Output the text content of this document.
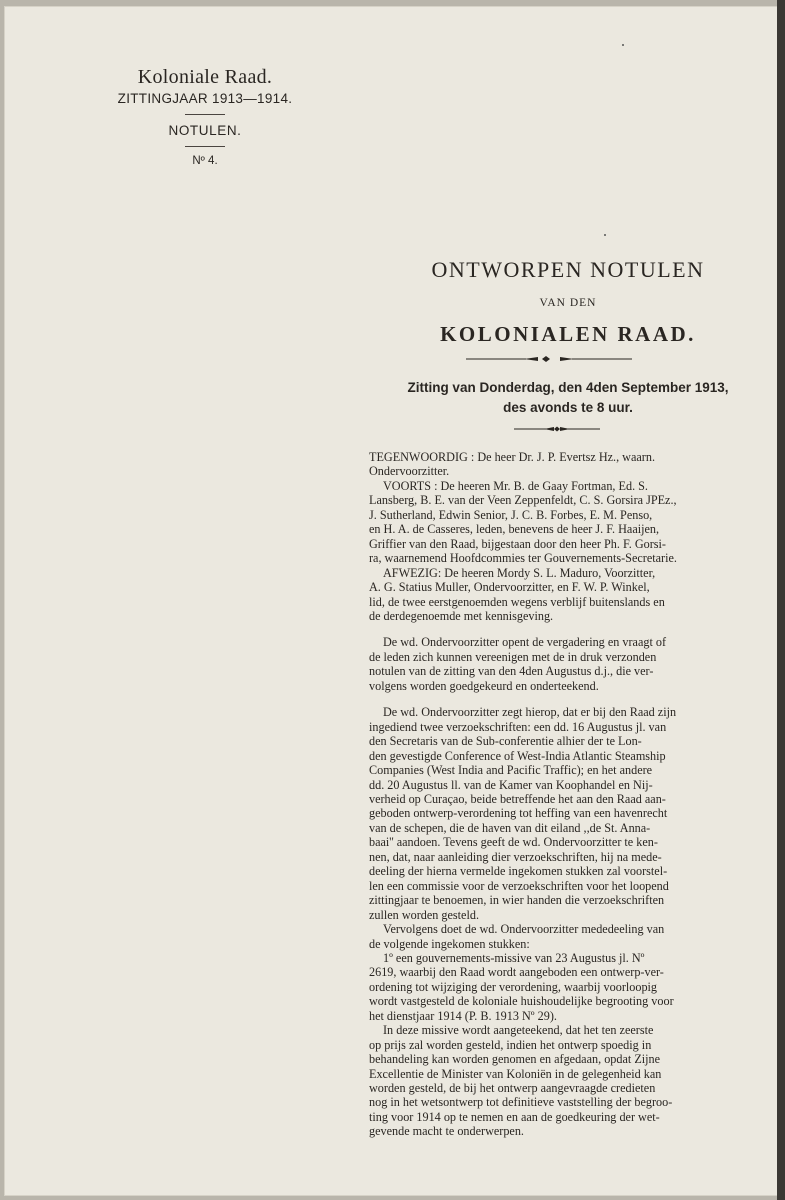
Koloniale Raad.
ZITTINGJAAR 1913—1914.
NOTULEN.
Nº 4.
ONTWORPEN NOTULEN
VAN DEN
KOLONIALEN RAAD.
Zitting van Donderdag, den 4den September 1913,
des avonds te 8 uur.

TEGENWOORDIG : De heer Dr. J. P. Evertsz Hz., waarn.
Ondervoorzitter.

VOORTS : De heeren Mr. B. de Gaay Fortman, Ed. S.
Lansberg, B. E. van der Veen Zeppenfeldt, C. S. Gorsira JPEz.,
J. Sutherland, Edwin Senior, J. C. B. Forbes, E. M. Penso,
en H. A. de Casseres, leden, benevens de heer J. F. Haaijen,
Griffier van den Raad, bijgestaan door den heer Ph. F. Gorsi-
ra, waarnemend Hoofdcommies ter Gouvernements-Secretarie.

AFWEZIG: De heeren Mordy S. L. Maduro, Voorzitter,
A. G. Statius Muller, Ondervoorzitter, en F. W. P. Winkel,
lid, de twee eerstgenoemden wegens verblijf buitenslands en
de derdegenoemde met kennisgeving.

De wd. Ondervoorzitter opent de vergadering en vraagt of
de leden zich kunnen vereenigen met de in druk verzonden
notulen van de zitting van den 4den Augustus d.j., die ver-
volgens worden goedgekeurd en onderteekend.

De wd. Ondervoorzitter zegt hierop, dat er bij den Raad zijn
ingediend twee verzoekschriften: een dd. 16 Augustus jl. van
den Secretaris van de Sub-conferentie alhier der te Lon-
den gevestigde Conference of West-India Atlantic Steamship
Companies (West India and Pacific Traffic); en het andere
dd. 20 Augustus ll. van de Kamer van Koophandel en Nij-
verheid op Curaçao, beide betreffende het aan den Raad aan-
geboden ontwerp-verordening tot heffing van een havenrecht
van de schepen, die de haven van dit eiland ,,de St. Anna-
baai'' aandoen. Tevens geeft de wd. Ondervoorzitter te ken-
nen, dat, naar aanleiding dier verzoekschriften, hij na mede-
deeling der hierna vermelde ingekomen stukken zal voorstel-
len een commissie voor de verzoekschriften voor het loopend
zittingjaar te benoemen, in wier handen die verzoekschriften
zullen worden gesteld.

Vervolgens doet de wd. Ondervoorzitter mededeeling van
de volgende ingekomen stukken:

1º een gouvernements-missive van 23 Augustus jl. Nº
2619, waarbij den Raad wordt aangeboden een ontwerp-ver-
ordening tot wijziging der verordening, waarbij voorloopig
wordt vastgesteld de koloniale huishoudelijke begrooting voor
het dienstjaar 1914 (P. B. 1913 Nº 29).

In deze missive wordt aangeteekend, dat het ten zeerste
op prijs zal worden gesteld, indien het ontwerp spoedig in
behandeling kan worden genomen en afgedaan, opdat Zijne
Excellentie de Minister van Koloniën in de gelegenheid kan
worden gesteld, de bij het ontwerp aangevraagde credieten
nog in het wetsontwerp tot definitieve vaststelling der begroo-
ting voor 1914 op te nemen en aan de goedkeuring der wet-
gevende macht te onderwerpen.
